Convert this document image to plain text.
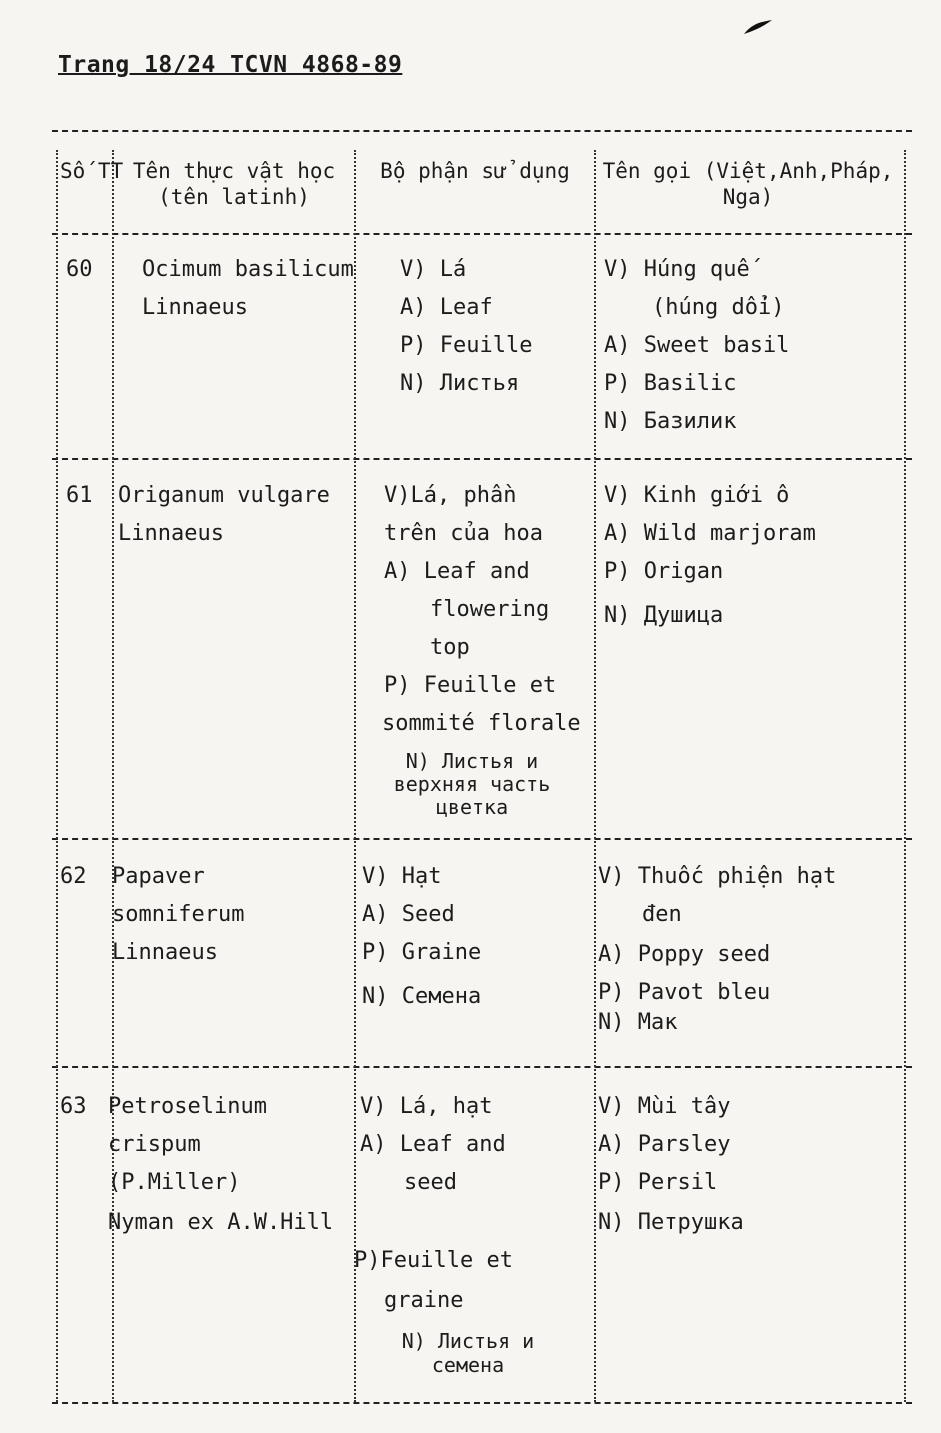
Trang 18/24 TCVN 4868-89
Số TT Tên thực vật học (tên latinh)
Bộ phận sử dụng	Tên gọi (Việt,Anh,Pháp, Nga)
60 Ocimum basilicum
Linnaeus
V) Lá
A) Leaf
P) Feuille
N) Листья
V) Húng quế
(húng dổi)
A) Sweet basil
P) Basilic
N) Базилик
61 Origanum vulgare
Linnaeus
V)Lá, phần
trên của hoa
A) Leaf and
flowering
top
P) Feuille et
sommité florale
N) Листья и
верхняя часть
цветка
V) Kinh giới ô
A) Wild marjoram
P) Origan
N) Душица
62 Papaver
somniferum
Linnaeus
V) Hạt
A) Seed
P) Graine
N) Семена
V) Thuốc phiện hạt
đen
A) Poppy seed
P) Pavot bleu
N) Мак
63 Petroselinum
crispum
(P.Miller)
Nyman ex A.W.Hill
V) Lá, hạt
A) Leaf and
seed
P)Feuille et
graine
N) Листья и
семена
V) Mùi tây
A) Parsley
P) Persil
N) Петрушка
